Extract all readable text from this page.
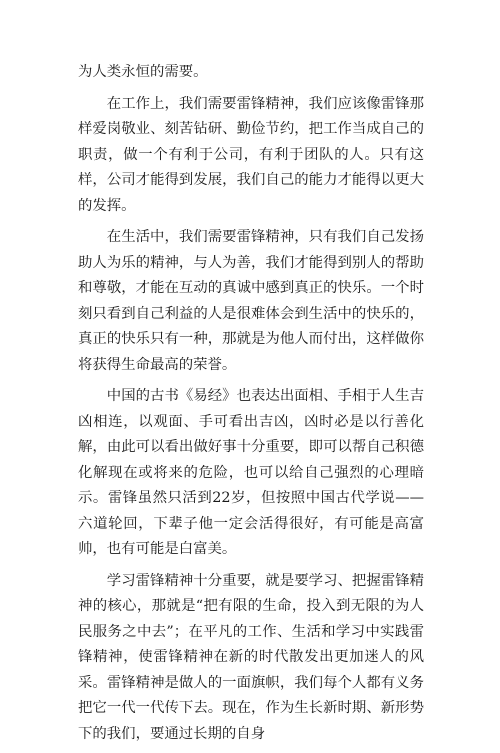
为人类永恒的需要。

在工作上，我们需要雷锋精神，我们应该像雷锋那样爱岗敬业、刻苦钻研、勤俭节约，把工作当成自己的职责，做一个有利于公司，有利于团队的人。只有这样，公司才能得到发展，我们自己的能力才能得以更大的发挥。

在生活中，我们需要雷锋精神，只有我们自己发扬助人为乐的精神，与人为善，我们才能得到别人的帮助和尊敬，才能在互动的真诚中感到真正的快乐。一个时刻只看到自己利益的人是很难体会到生活中的快乐的，真正的快乐只有一种，那就是为他人而付出，这样做你将获得生命最高的荣誉。

中国的古书《易经》也表达出面相、手相于人生吉凶相连，以观面、手可看出吉凶，凶时必是以行善化解，由此可以看出做好事十分重要，即可以帮自己积德化解现在或将来的危险，也可以给自己强烈的心理暗示。雷锋虽然只活到22岁，但按照中国古代学说——六道轮回，下辈子他一定会活得很好，有可能是高富帅，也有可能是白富美。

学习雷锋精神十分重要，就是要学习、把握雷锋精神的核心，那就是“把有限的生命，投入到无限的为人民服务之中去”；在平凡的工作、生活和学习中实践雷锋精神，使雷锋精神在新的时代散发出更加迷人的风采。雷锋精神是做人的一面旗帜，我们每个人都有义务把它一代一代传下去。现在，作为生长新时期、新形势下的我们，要通过长期的自身
